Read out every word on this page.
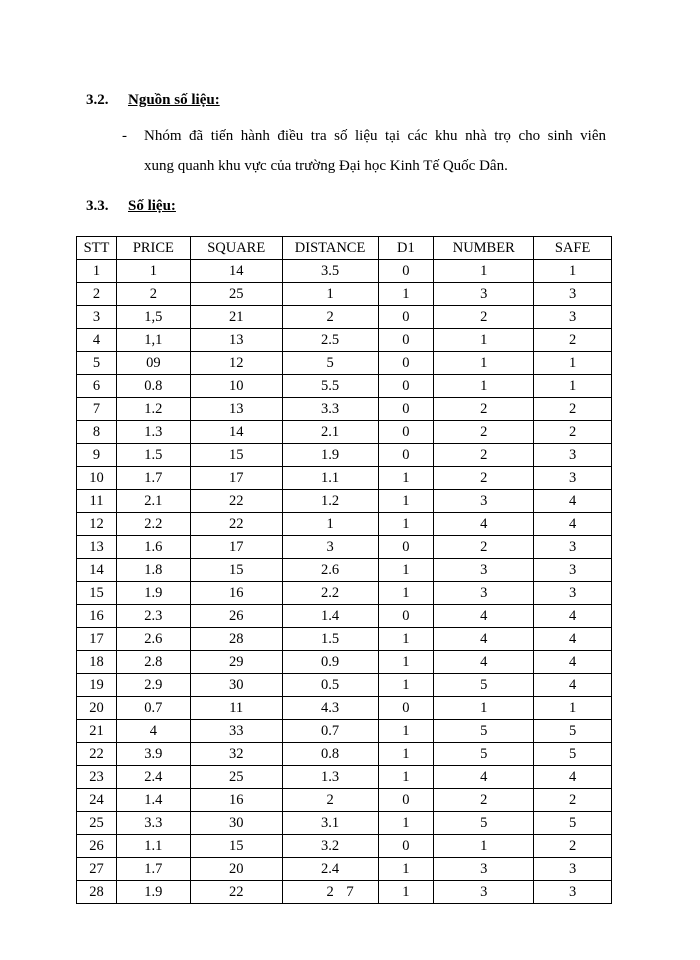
3.2. Nguồn số liệu:
- Nhóm đã tiến hành điều tra số liệu tại các khu nhà trọ cho sinh viên
xung quanh khu vực của trường Đại học Kinh Tế Quốc Dân.
3.3. Số liệu:
STT	PRICE	SQUARE	DISTANCE	D1	NUMBER	SAFE
1	1	14	3.5	0	1	1
2	2	25	1	1	3	3
3	1,5	21	2	0	2	3
4	1,1	13	2.5	0	1	2
5	09	12	5	0	1	1
6	0.8	10	5.5	0	1	1
7	1.2	13	3.3	0	2	2
8	1.3	14	2.1	0	2	2
9	1.5	15	1.9	0	2	3
10	1.7	17	1.1	1	2	3
11	2.1	22	1.2	1	3	4
12	2.2	22	1	1	4	4
13	1.6	17	3	0	2	3
14	1.8	15	2.6	1	3	3
15	1.9	16	2.2	1	3	3
16	2.3	26	1.4	0	4	4
17	2.6	28	1.5	1	4	4
18	2.8	29	0.9	1	4	4
19	2.9	30	0.5	1	5	4
20	0.7	11	4.3	0	1	1
21	4	33	0.7	1	5	5
22	3.9	32	0.8	1	5	5
23	2.4	25	1.3	1	4	4
24	1.4	16	2	0	2	2
25	3.3	30	3.1	1	5	5
26	1.1	15	3.2	0	1	2
27	1.7	20	2.4	1	3	3
28	1.9	22	2	1	3	3
7
